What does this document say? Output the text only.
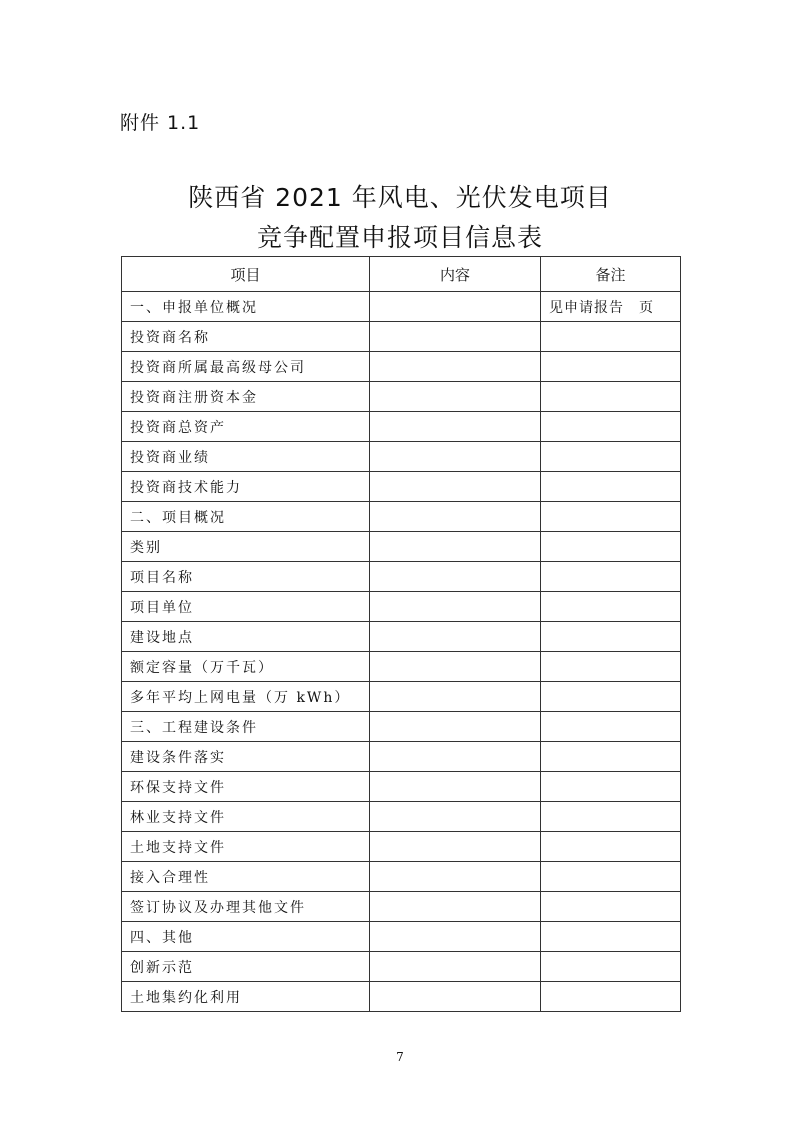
附件 1.1
陕西省 2021 年风电、光伏发电项目
竞争配置申报项目信息表
项目	内容	备注
一、申报单位概况		见申请报告　页
投资商名称		
投资商所属最高级母公司		
投资商注册资本金		
投资商总资产		
投资商业绩		
投资商技术能力		
二、项目概况		
类别		
项目名称		
项目单位		
建设地点		
额定容量（万千瓦）		
多年平均上网电量（万 kWh）		
三、工程建设条件		
建设条件落实		
环保支持文件		
林业支持文件		
土地支持文件		
接入合理性		
签订协议及办理其他文件		
四、其他		
创新示范		
土地集约化利用		
7
